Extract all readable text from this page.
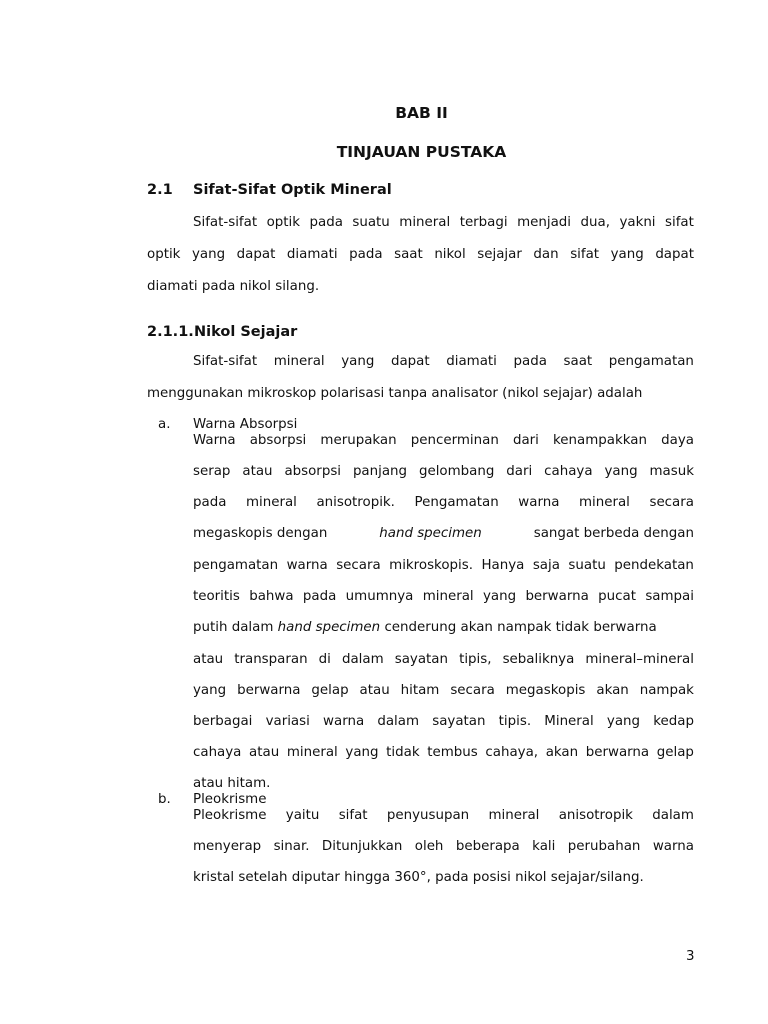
BAB II
TINJAUAN PUSTAKA
2.1 Sifat-Sifat Optik Mineral
Sifat-sifat optik pada suatu mineral terbagi menjadi dua, yakni sifat
optik yang dapat diamati pada saat nikol sejajar dan sifat yang dapat
diamati pada nikol silang.
2.1.1. Nikol Sejajar
Sifat-sifat mineral yang dapat diamati pada saat pengamatan
menggunakan mikroskop polarisasi tanpa analisator (nikol sejajar) adalah
a. Warna Absorpsi
Warna absorpsi merupakan pencerminan dari kenampakkan daya
serap atau absorpsi panjang gelombang dari cahaya yang masuk
pada mineral anisotropik. Pengamatan warna mineral secara
megaskopis dengan	hand specimen	sangat berbeda dengan
pengamatan warna secara mikroskopis. Hanya saja suatu pendekatan
teoritis bahwa pada umumnya mineral yang berwarna pucat sampai
putih dalam hand specimen cenderung akan nampak tidak berwarna
atau transparan di dalam sayatan tipis, sebaliknya mineral–mineral
yang berwarna gelap atau hitam secara megaskopis akan nampak
berbagai variasi warna dalam sayatan tipis. Mineral yang kedap
cahaya atau mineral yang tidak tembus cahaya, akan berwarna gelap
atau hitam.
b. Pleokrisme
Pleokrisme yaitu sifat penyusupan mineral anisotropik dalam
menyerap sinar. Ditunjukkan oleh beberapa kali perubahan warna
kristal setelah diputar hingga 360°, pada posisi nikol sejajar/silang.
3
